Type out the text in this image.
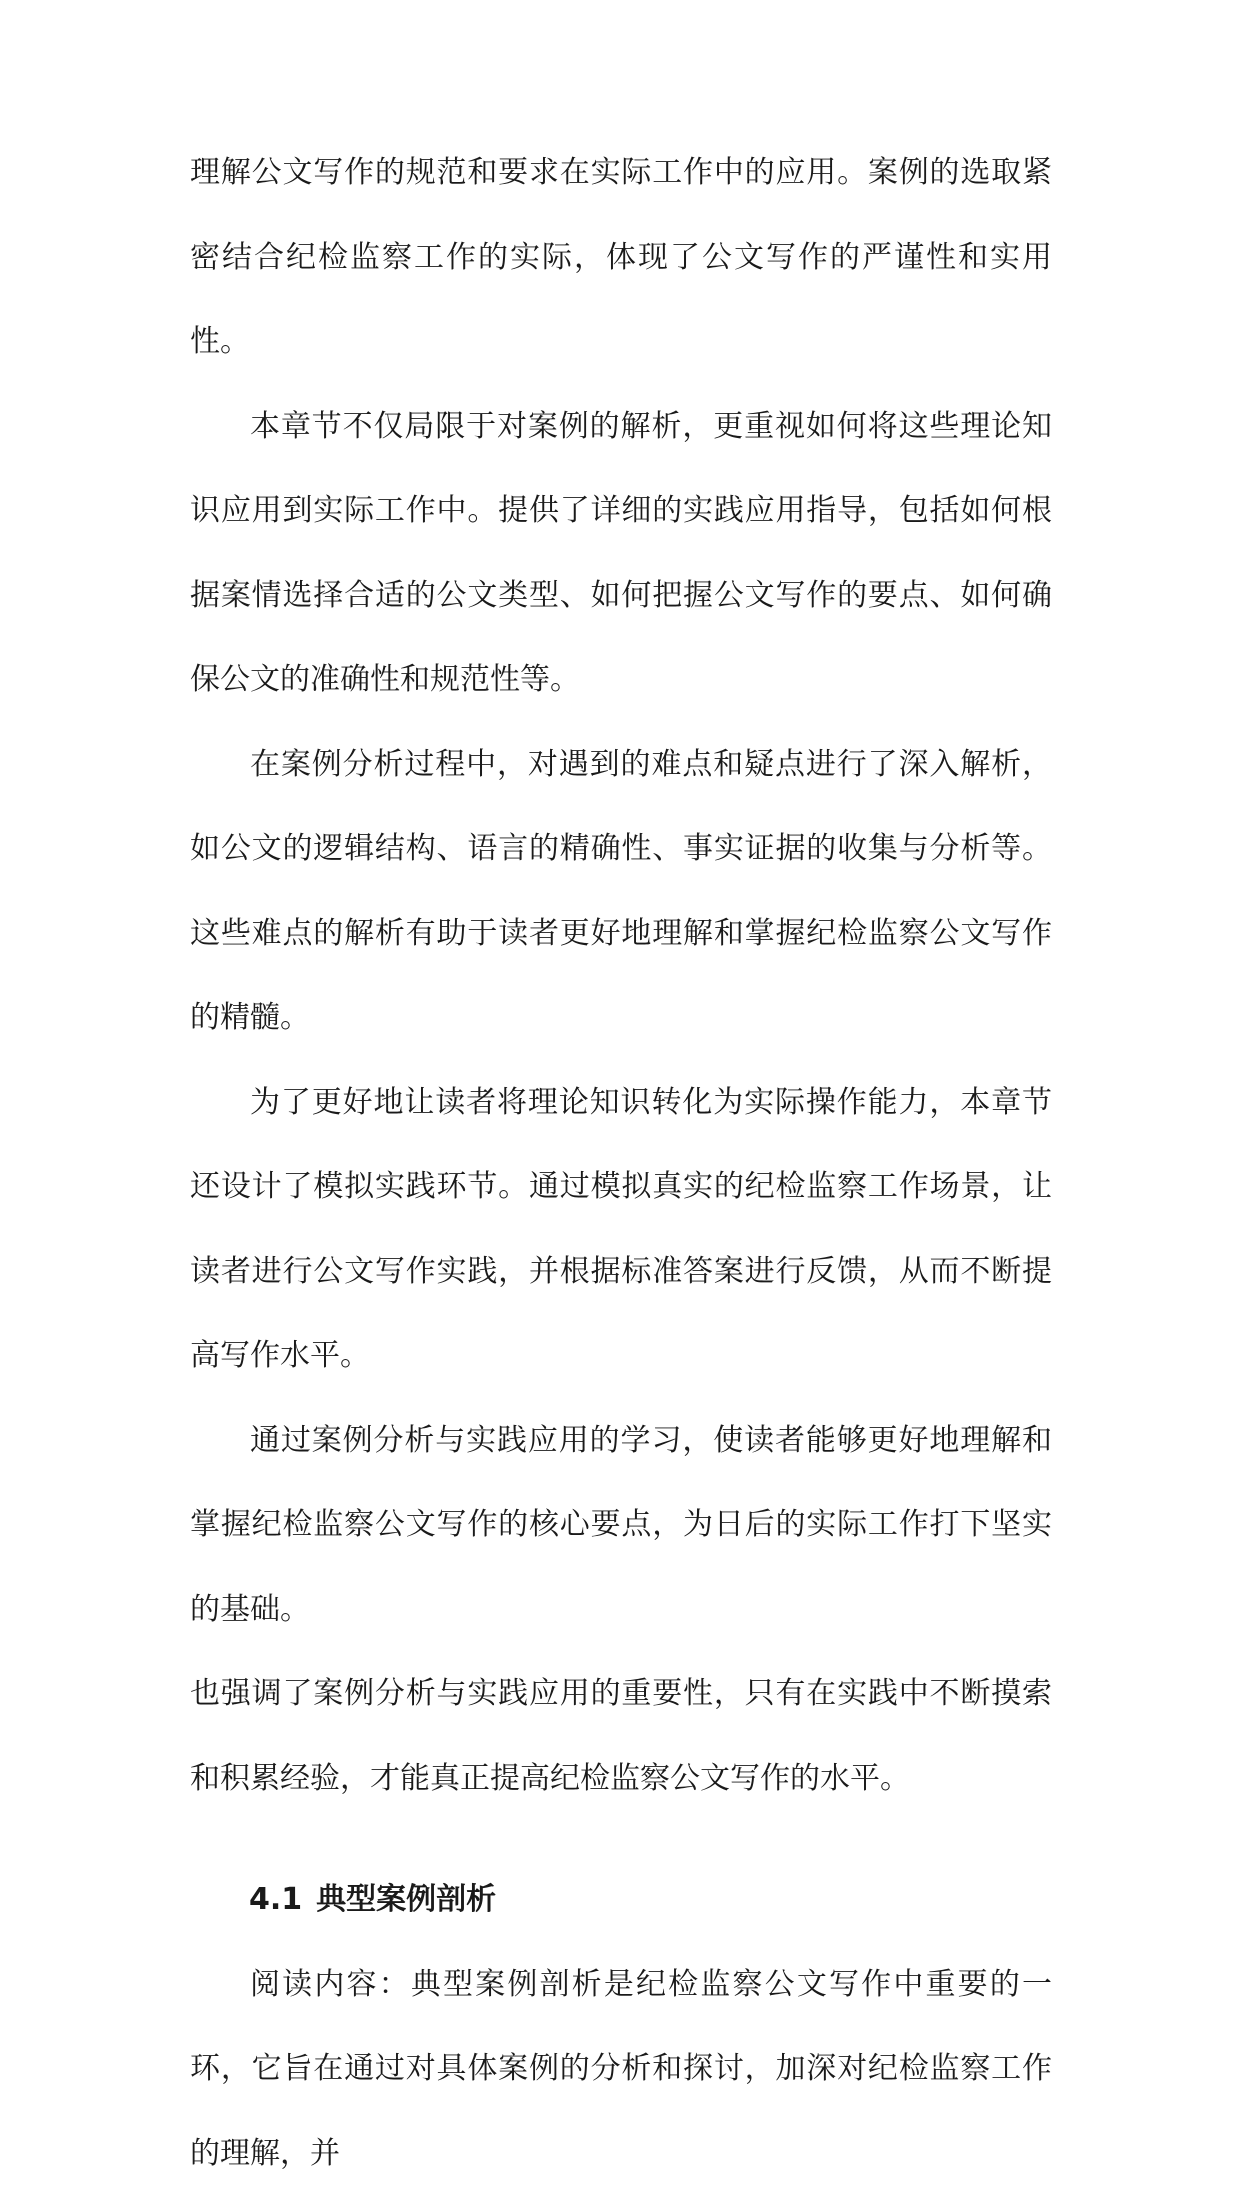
理解公文写作的规范和要求在实际工作中的应用。案例的选取紧密结合纪检监察工作的实际，体现了公文写作的严谨性和实用性。

本章节不仅局限于对案例的解析，更重视如何将这些理论知识应用到实际工作中。提供了详细的实践应用指导，包括如何根据案情选择合适的公文类型、如何把握公文写作的要点、如何确保公文的准确性和规范性等。

在案例分析过程中，对遇到的难点和疑点进行了深入解析，如公文的逻辑结构、语言的精确性、事实证据的收集与分析等。这些难点的解析有助于读者更好地理解和掌握纪检监察公文写作的精髓。

为了更好地让读者将理论知识转化为实际操作能力，本章节还设计了模拟实践环节。通过模拟真实的纪检监察工作场景，让读者进行公文写作实践，并根据标准答案进行反馈，从而不断提高写作水平。

通过案例分析与实践应用的学习，使读者能够更好地理解和掌握纪检监察公文写作的核心要点，为日后的实际工作打下坚实的基础。

也强调了案例分析与实践应用的重要性，只有在实践中不断摸索和积累经验，才能真正提高纪检监察公文写作的水平。

4.1 典型案例剖析

阅读内容：典型案例剖析是纪检监察公文写作中重要的一环，它旨在通过对具体案例的分析和探讨，加深对纪检监察工作的理解，并
